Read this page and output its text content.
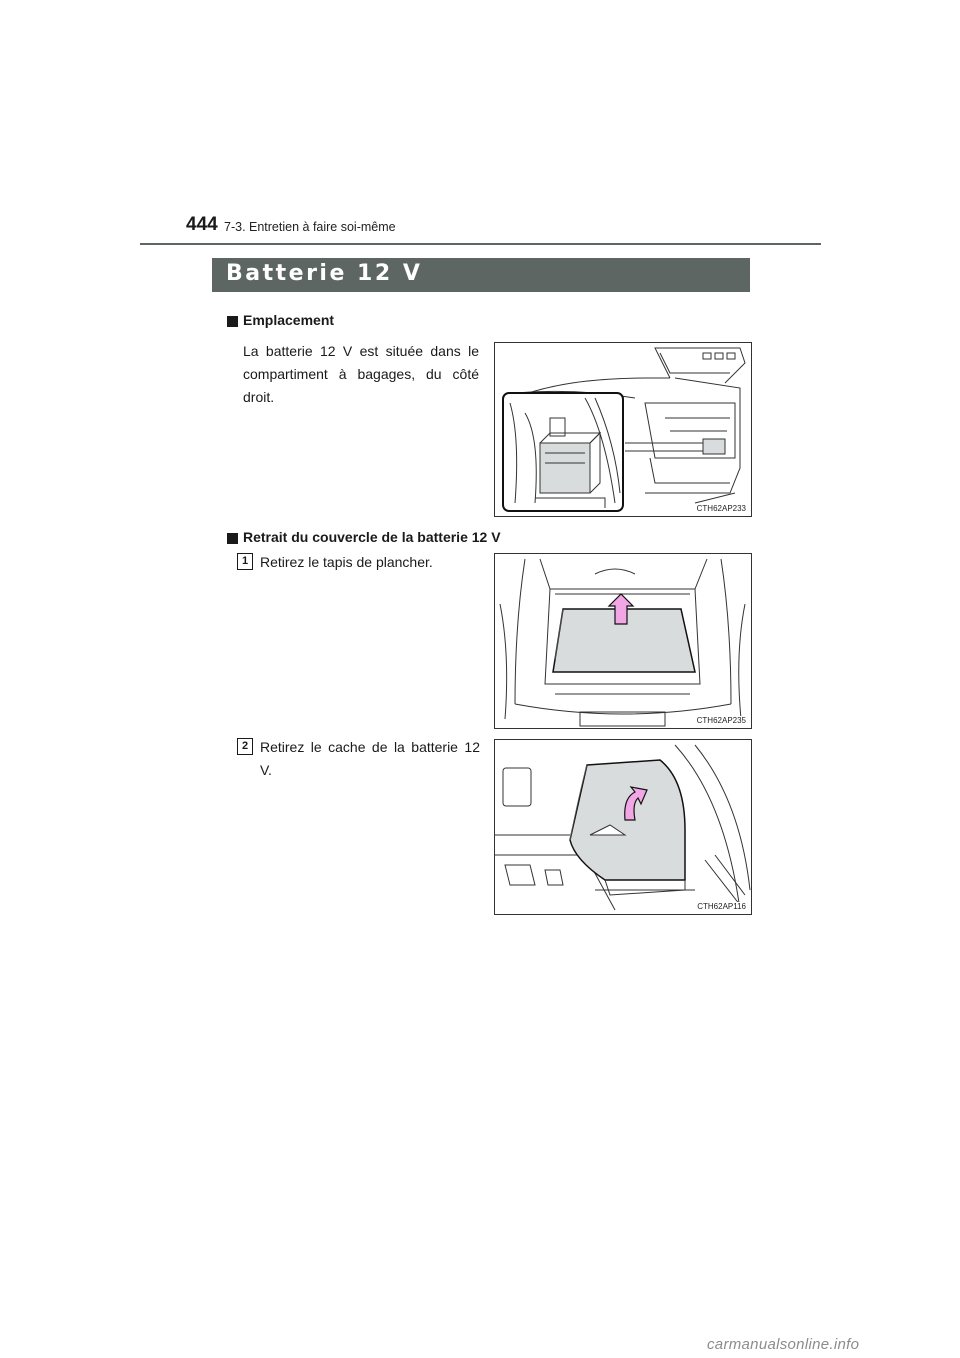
444 7-3. Entretien à faire soi-même
Batterie 12 V
Emplacement
La batterie 12 V est située dans le compartiment à bagages, du côté droit.
CTH62AP233
Retrait du couvercle de la batterie 12 V
1 Retirez le tapis de plancher.
CTH62AP235
2 Retirez le cache de la batterie 12 V.
CTH62AP116
carmanualsonline.info
